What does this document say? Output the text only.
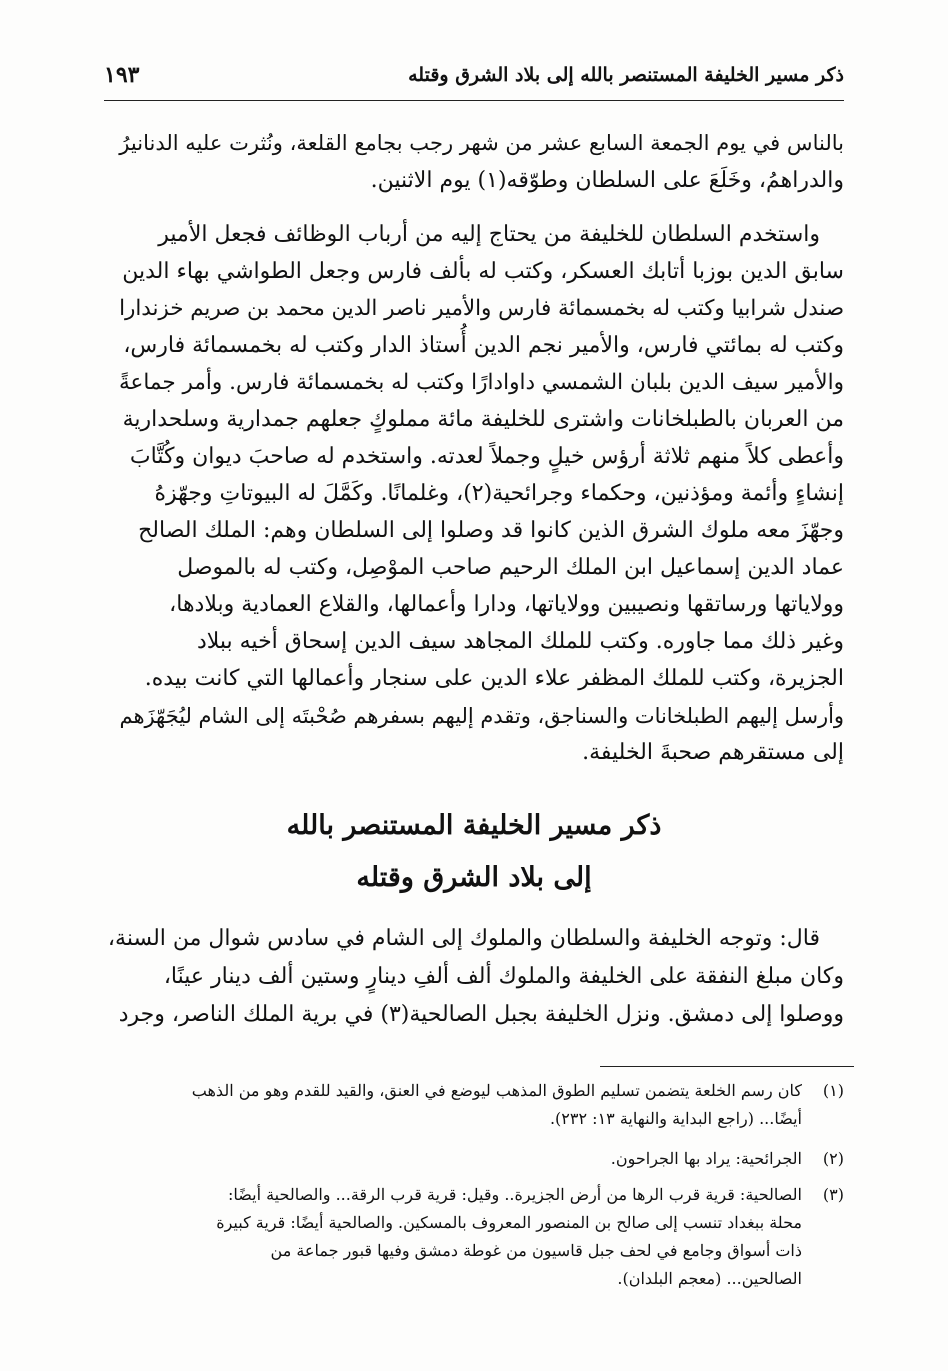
ذكر مسير الخليفة المستنصر بالله إلى بلاد الشرق وقتله
١٩٣
بالناس في يوم الجمعة السابع عشر من شهر رجب بجامع القلعة، ونُثرت عليه الدنانيرُ
والدراهمُ، وخَلَعَ على السلطان وطوّقه(١) يوم الاثنين.
واستخدم السلطان للخليفة من يحتاج إليه من أرباب الوظائف فجعل الأمير
سابق الدين بوزبا أتابك العسكر، وكتب له بألف فارس وجعل الطواشي بهاء الدين
صندل شرابيا وكتب له بخمسمائة فارس والأمير ناصر الدين محمد بن صريم خزندارا
وكتب له بمائتي فارس، والأمير نجم الدين أُستاذ الدار وكتب له بخمسمائة فارس،
والأمير سيف الدين بلبان الشمسي داوادارًا وكتب له بخمسمائة فارس. وأمر جماعةً
من العربان بالطبلخانات واشترى للخليفة مائة مملوكٍ جعلهم جمدارية وسلحدارية
وأعطى كلاً منهم ثلاثة أرؤس خيلٍ وجملاً لعدته. واستخدم له صاحبَ ديوان وكُتَّابَ
إنشاءٍ وأئمة ومؤذنين، وحكماء وجرائحية(٢)، وغلمانًا. وكَمَّلَ له البيوتاتِ وجهّزهُ
وجهّزَ معه ملوك الشرق الذين كانوا قد وصلوا إلى السلطان وهم: الملك الصالح
عماد الدين إسماعيل ابن الملك الرحيم صاحب الموْصِل، وكتب له بالموصل
وولاياتها ورساتقها ونصيبين وولاياتها، ودارا وأعمالها، والقلاع العمادية وبلادها،
وغير ذلك مما جاوره. وكتب للملك المجاهد سيف الدين إسحاق أخيه ببلاد
الجزيرة، وكتب للملك المظفر علاء الدين على سنجار وأعمالها التي كانت بيده.
وأرسل إليهم الطبلخانات والسناجق، وتقدم إليهم بسفرهم صُحْبتَه إلى الشام ليُجَهّزَهم
إلى مستقرهم صحبةَ الخليفة.
ذكر مسير الخليفة المستنصر بالله
إلى بلاد الشرق وقتله
قال: وتوجه الخليفة والسلطان والملوك إلى الشام في سادس شوال من السنة،
وكان مبلغ النفقة على الخليفة والملوك ألف ألفِ دينارٍ وستين ألف دينار عينًا،
ووصلوا إلى دمشق. ونزل الخليفة بجبل الصالحية(٣) في برية الملك الناصر، وجرد
(١)
كان رسم الخلعة يتضمن تسليم الطوق المذهب ليوضع في العنق، والقيد للقدم وهو من الذهب
أيضًا... (راجع البداية والنهاية ١٣: ٢٣٢).
(٢)
الجرائحية: يراد بها الجراحون.
(٣)
الصالحية: قرية قرب الرها من أرض الجزيرة.. وقيل: قرية قرب الرقة... والصالحية أيضًا:
محلة ببغداد تنسب إلى صالح بن المنصور المعروف بالمسكين. والصالحية أيضًا: قرية كبيرة
ذات أسواق وجامع في لحف جبل قاسيون من غوطة دمشق وفيها قبور جماعة من
الصالحين... (معجم البلدان).
